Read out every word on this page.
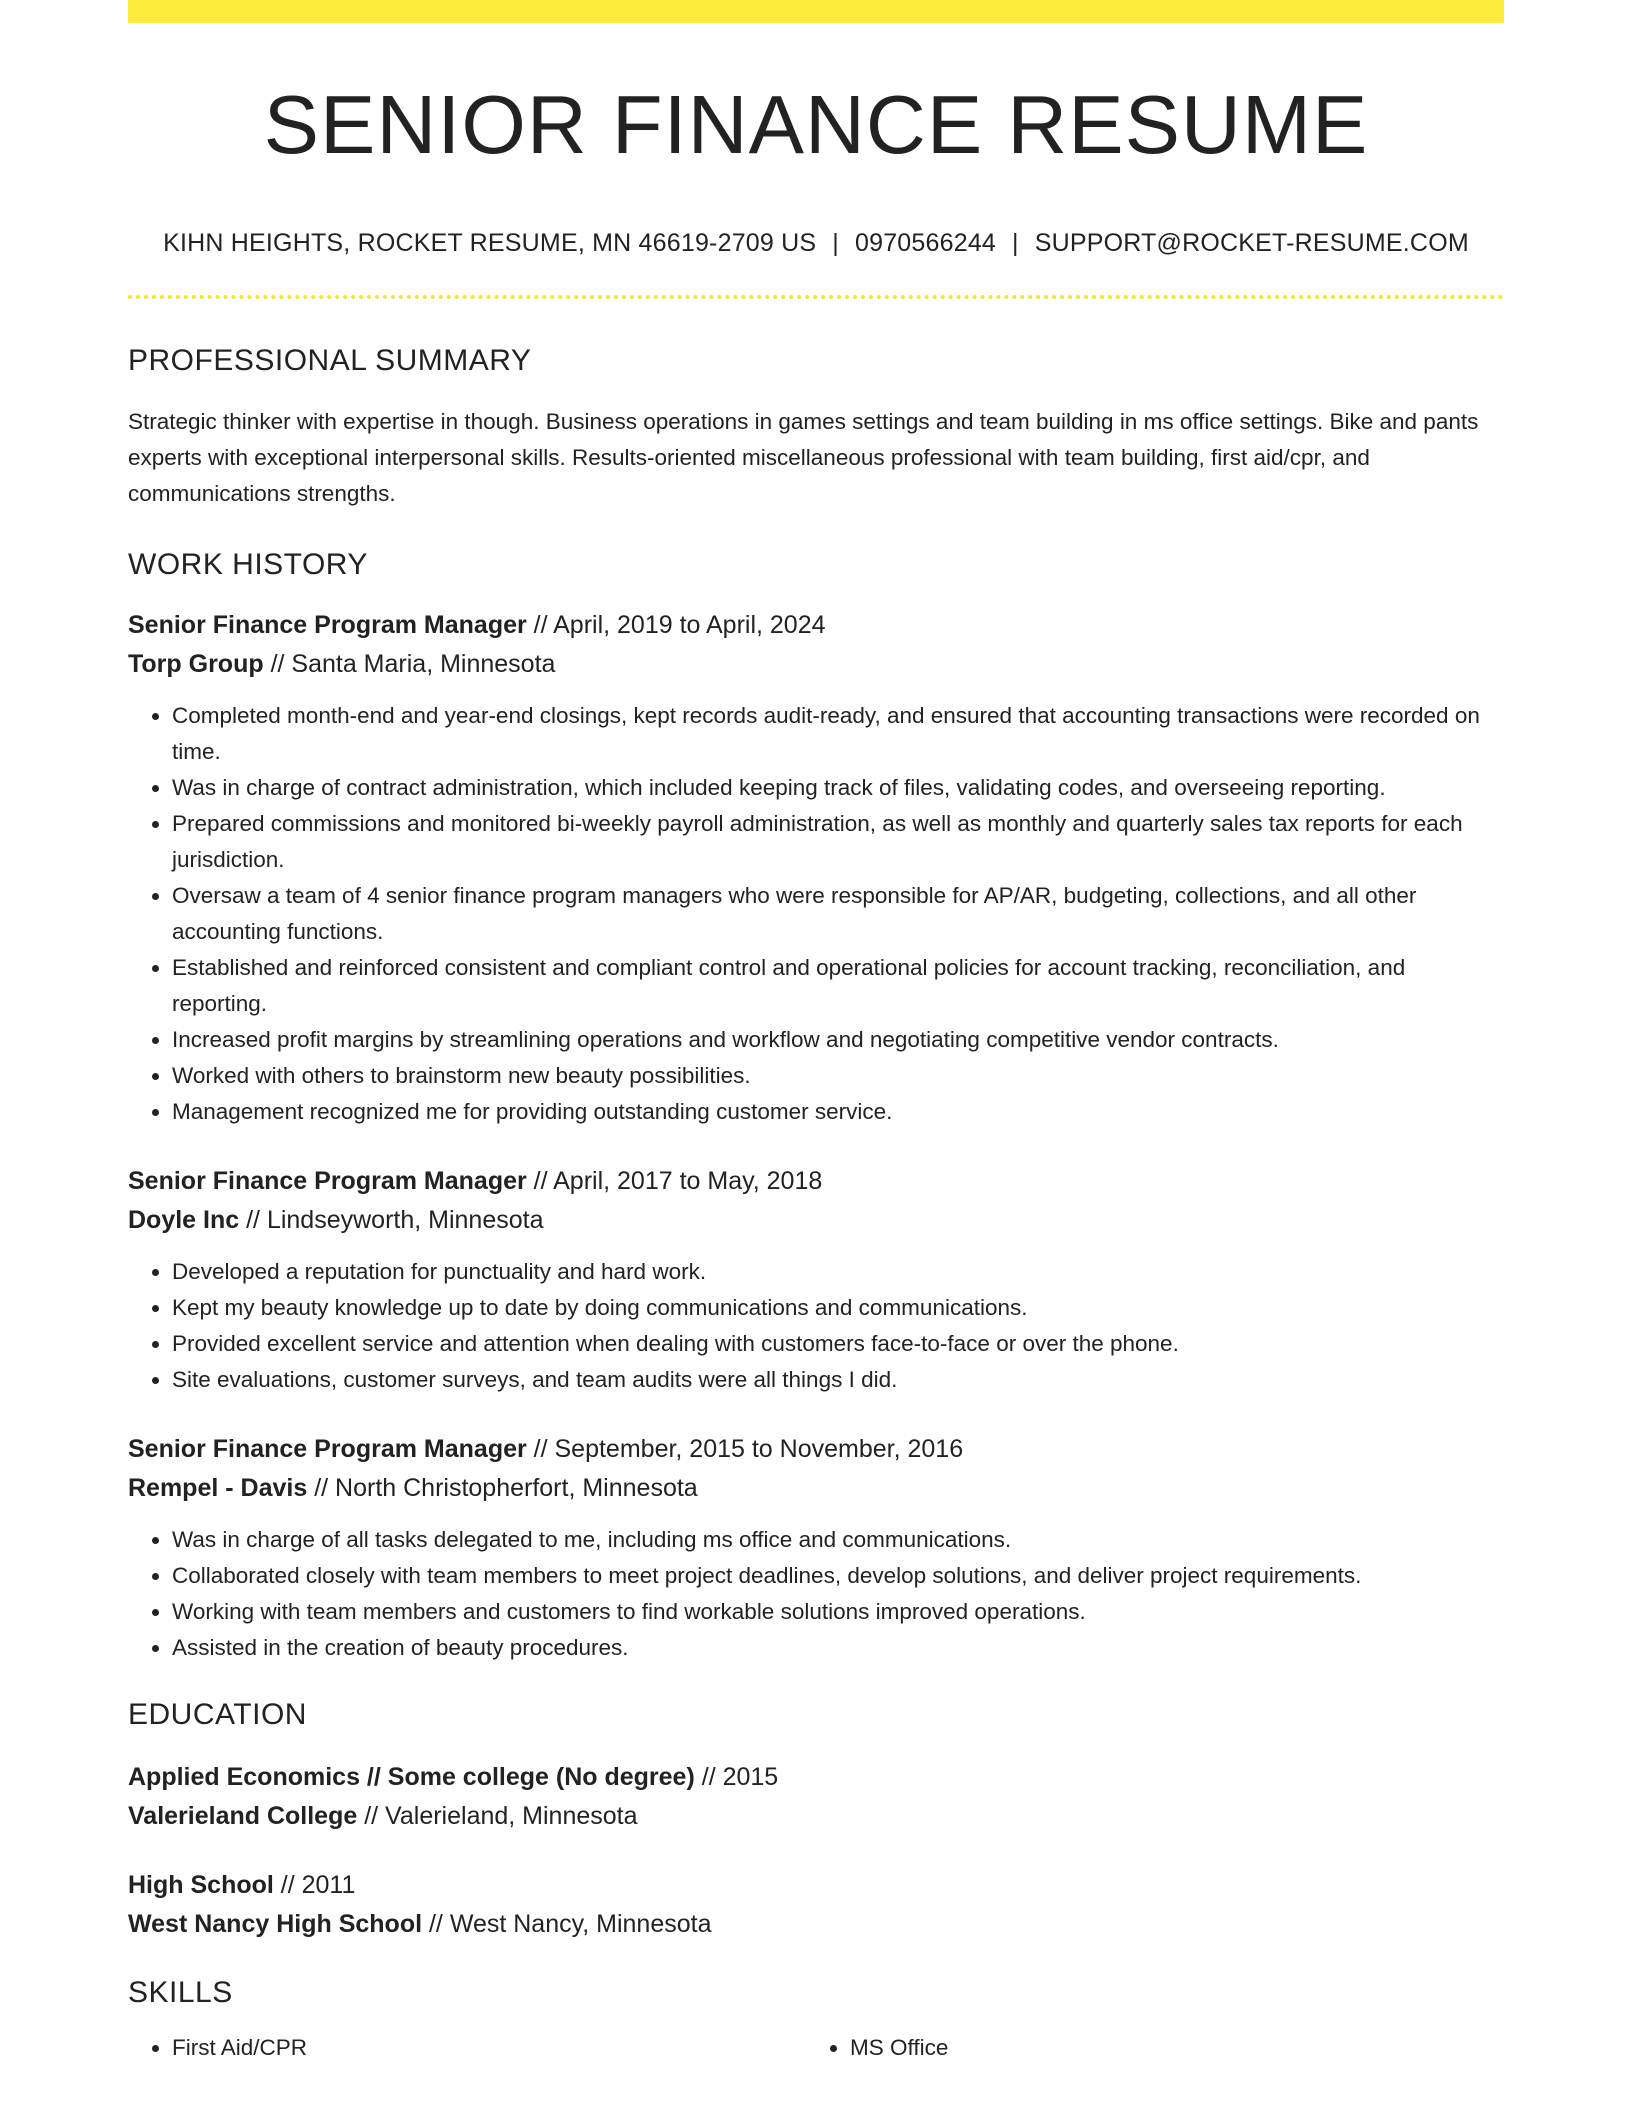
SENIOR FINANCE RESUME
KIHN HEIGHTS, ROCKET RESUME, MN 46619-2709 US | 0970566244 | SUPPORT@ROCKET-RESUME.COM
PROFESSIONAL SUMMARY
Strategic thinker with expertise in though. Business operations in games settings and team building in ms office settings. Bike and pants experts with exceptional interpersonal skills. Results-oriented miscellaneous professional with team building, first aid/cpr, and communications strengths.
WORK HISTORY
Senior Finance Program Manager // April, 2019 to April, 2024
Torp Group // Santa Maria, Minnesota
• Completed month-end and year-end closings, kept records audit-ready, and ensured that accounting transactions were recorded on time.
• Was in charge of contract administration, which included keeping track of files, validating codes, and overseeing reporting.
• Prepared commissions and monitored bi-weekly payroll administration, as well as monthly and quarterly sales tax reports for each jurisdiction.
• Oversaw a team of 4 senior finance program managers who were responsible for AP/AR, budgeting, collections, and all other accounting functions.
• Established and reinforced consistent and compliant control and operational policies for account tracking, reconciliation, and reporting.
• Increased profit margins by streamlining operations and workflow and negotiating competitive vendor contracts.
• Worked with others to brainstorm new beauty possibilities.
• Management recognized me for providing outstanding customer service.
Senior Finance Program Manager // April, 2017 to May, 2018
Doyle Inc // Lindseyworth, Minnesota
• Developed a reputation for punctuality and hard work.
• Kept my beauty knowledge up to date by doing communications and communications.
• Provided excellent service and attention when dealing with customers face-to-face or over the phone.
• Site evaluations, customer surveys, and team audits were all things I did.
Senior Finance Program Manager // September, 2015 to November, 2016
Rempel - Davis // North Christopherfort, Minnesota
• Was in charge of all tasks delegated to me, including ms office and communications.
• Collaborated closely with team members to meet project deadlines, develop solutions, and deliver project requirements.
• Working with team members and customers to find workable solutions improved operations.
• Assisted in the creation of beauty procedures.
EDUCATION
Applied Economics // Some college (No degree) // 2015
Valerieland College // Valerieland, Minnesota
High School // 2011
West Nancy High School // West Nancy, Minnesota
SKILLS
• First Aid/CPR
•	MS Office
